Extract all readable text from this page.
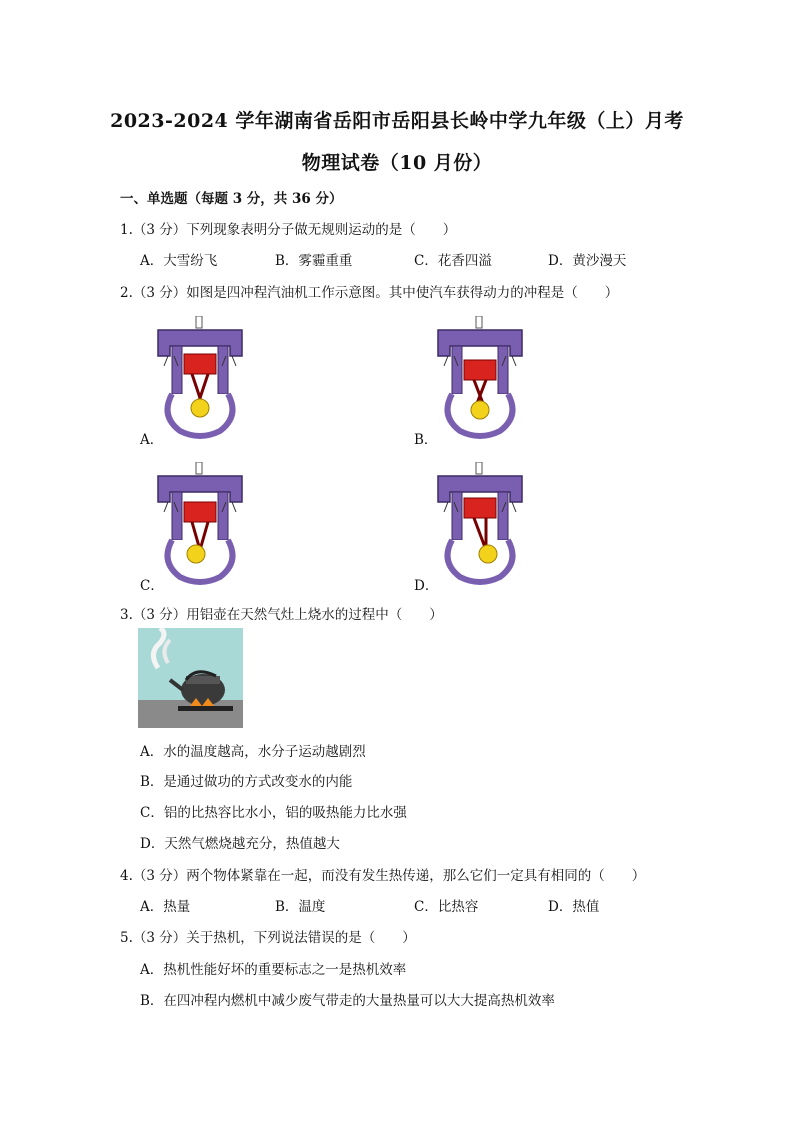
2023-2024 学年湖南省岳阳市岳阳县长岭中学九年级（上）月考
物理试卷（10 月份）
一、单选题（每题 3 分，共 36 分）
1.（3 分）下列现象表明分子做无规则运动的是（　　）
A．大雪纷飞	B．雾霾重重	C．花香四溢	D．黄沙漫天
2.（3 分）如图是四冲程汽油机工作示意图。其中使汽车获得动力的冲程是（　　）
A．	B．
C．	D．
3.（3 分）用铝壶在天然气灶上烧水的过程中（　　）
A．水的温度越高，水分子运动越剧烈
B．是通过做功的方式改变水的内能
C．铝的比热容比水小，铝的吸热能力比水强
D．天然气燃烧越充分，热值越大
4.（3 分）两个物体紧靠在一起，而没有发生热传递，那么它们一定具有相同的（　　）
A．热量	B．温度	C．比热容	D．热值
5.（3 分）关于热机，下列说法错误的是（　　）
A．热机性能好坏的重要标志之一是热机效率
B．在四冲程内燃机中减少废气带走的大量热量可以大大提高热机效率
